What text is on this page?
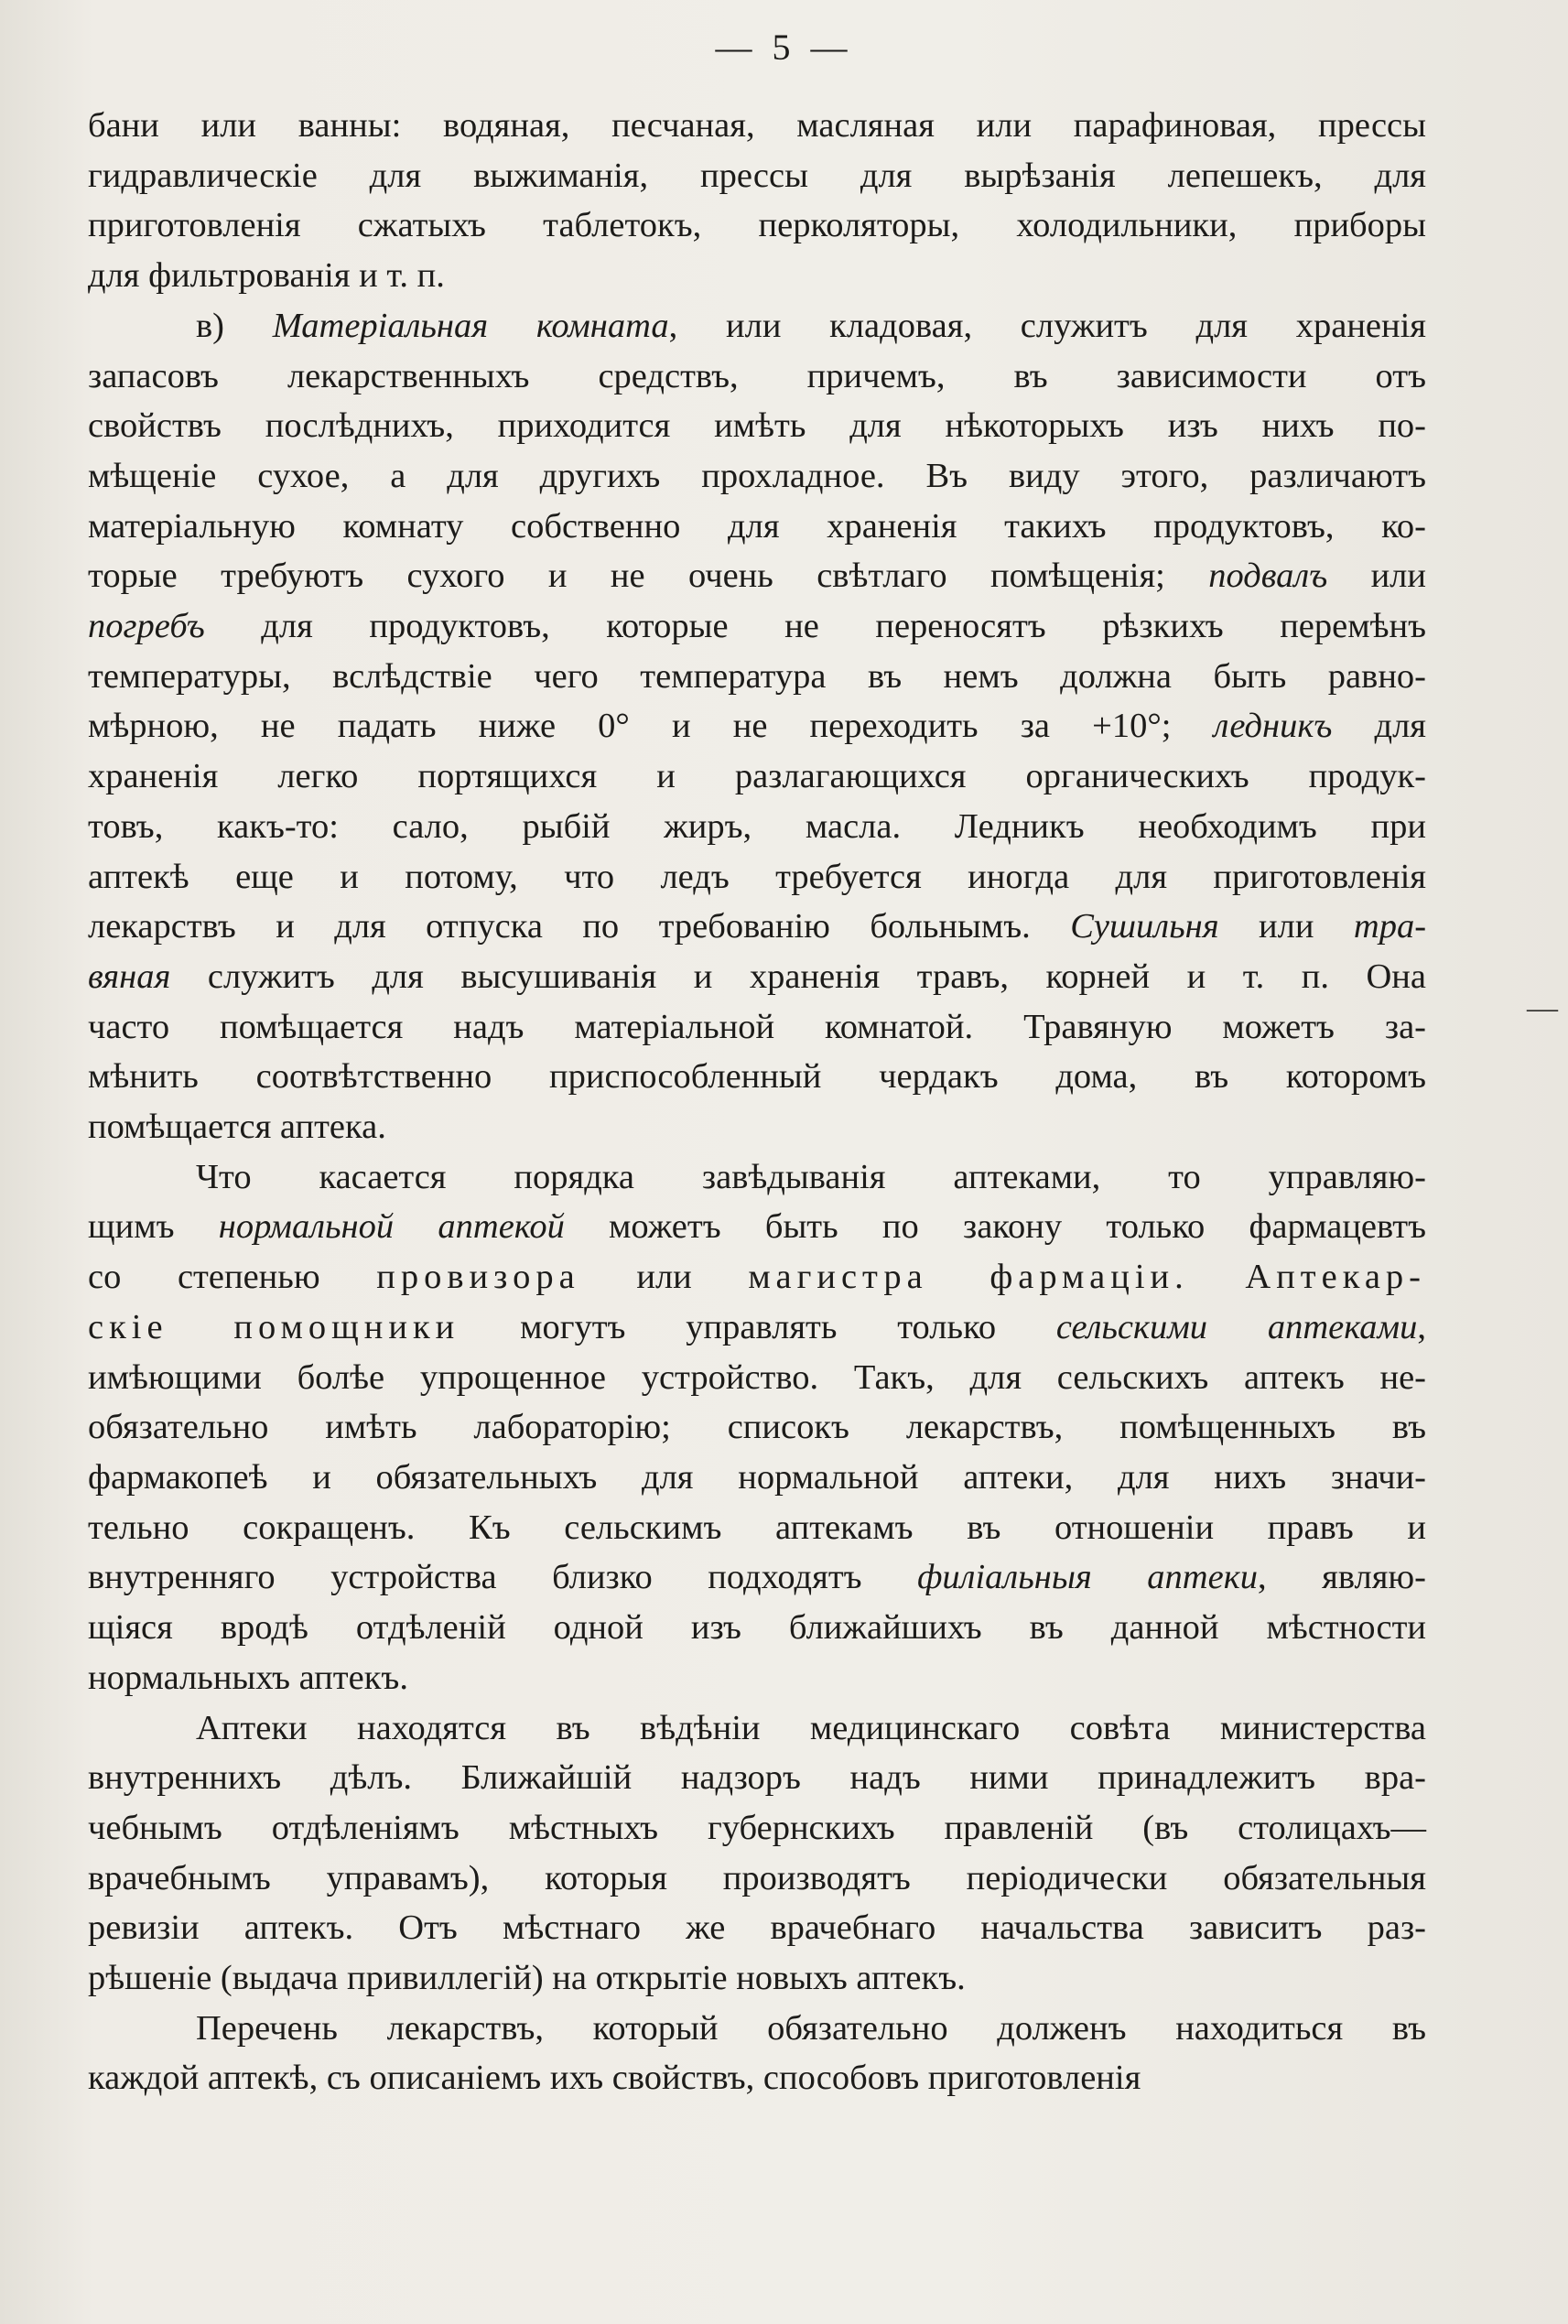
— 5 —

бани или ванны: водяная, песчаная, масляная или парафиновая, прессы
гидравлическіе для выжиманія, прессы для вырѣзанія лепешекъ, для
приготовленія сжатыхъ таблетокъ, перколяторы, холодильники, приборы
для фильтрованія и т. п.

в) Матеріальная комната, или кладовая, служитъ для храненія
запасовъ лекарственныхъ средствъ, причемъ, въ зависимости отъ
свойствъ послѣднихъ, приходится имѣть для нѣкоторыхъ изъ нихъ по-
мѣщеніе сухое, а для другихъ прохладное. Въ виду этого, различаютъ
матеріальную комнату собственно для храненія такихъ продуктовъ, ко-
торые требуютъ сухого и не очень свѣтлаго помѣщенія; подвалъ или
погребъ для продуктовъ, которые не переносятъ рѣзкихъ перемѣнъ
температуры, вслѣдствіе чего температура въ немъ должна быть равно-
мѣрною, не падать ниже 0° и не переходить за +10°; ледникъ для
храненія легко портящихся и разлагающихся органическихъ продук-
товъ, какъ-то: сало, рыбій жиръ, масла. Ледникъ необходимъ при
аптекѣ еще и потому, что ледъ требуется иногда для приготовленія
лекарствъ и для отпуска по требованію больнымъ. Сушильня или тра-
вяная служитъ для высушиванія и храненія травъ, корней и т. п. Она
часто помѣщается надъ матеріальной комнатой. Травяную можетъ за-
мѣнить соотвѣтственно приспособленный чердакъ дома, въ которомъ
помѣщается аптека.

Что касается порядка завѣдыванія аптеками, то управляю-
щимъ нормальной аптекой можетъ быть по закону только фармацевтъ
со степенью провизора или магистра фармаціи. Аптекар-
скіе помощники могутъ управлять только сельскими аптеками,
имѣющими болѣе упрощенное устройство. Такъ, для сельскихъ аптекъ не-
обязательно имѣть лабораторію; списокъ лекарствъ, помѣщенныхъ въ
фармакопеѣ и обязательныхъ для нормальной аптеки, для нихъ значи-
тельно сокращенъ. Къ сельскимъ аптекамъ въ отношеніи правъ и
внутренняго устройства близко подходятъ филіальныя аптеки, являю-
щіяся вродѣ отдѣленій одной изъ ближайшихъ въ данной мѣстности
нормальныхъ аптекъ.

Аптеки находятся въ вѣдѣніи медицинскаго совѣта министерства
внутреннихъ дѣлъ. Ближайшій надзоръ надъ ними принадлежитъ вра-
чебнымъ отдѣленіямъ мѣстныхъ губернскихъ правленій (въ столицахъ—
врачебнымъ управамъ), которыя производятъ періодически обязательныя
ревизіи аптекъ. Отъ мѣстнаго же врачебнаго начальства зависитъ раз-
рѣшеніе (выдача привиллегій) на открытіе новыхъ аптекъ.

Перечень лекарствъ, который обязательно долженъ находиться въ
каждой аптекѣ, съ описаніемъ ихъ свойствъ, способовъ приготовленія

—
